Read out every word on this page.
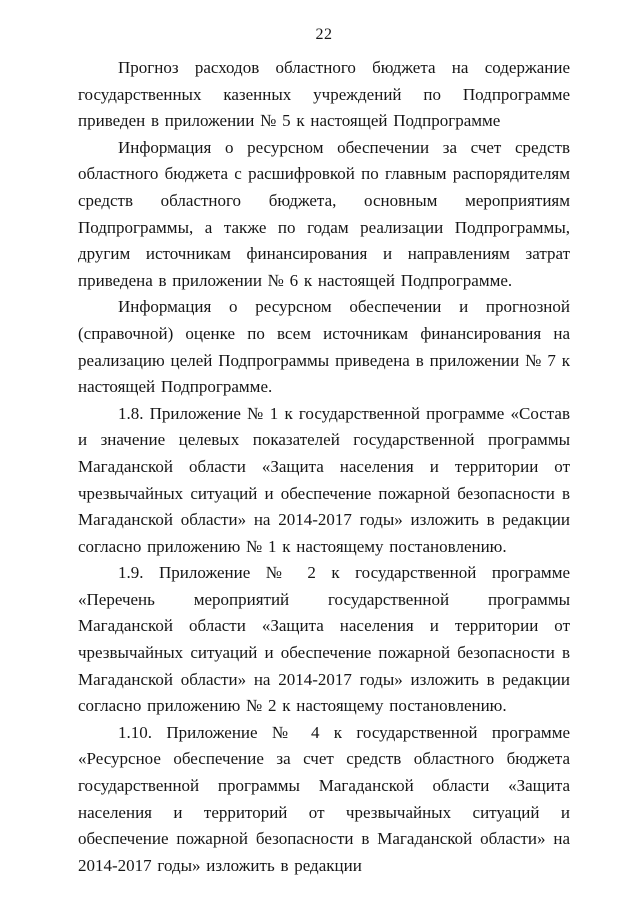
22

Прогноз расходов областного бюджета на содержание государственных казенных учреждений по Подпрограмме приведен в приложении № 5 к настоящей Подпрограмме

Информация о ресурсном обеспечении за счет средств областного бюджета с расшифровкой по главным распорядителям средств областного бюджета, основным мероприятиям Подпрограммы, а также по годам реализации Подпрограммы, другим источникам финансирования и направлениям затрат приведена в приложении № 6 к настоящей Подпрограмме.

Информация о ресурсном обеспечении и прогнозной (справочной) оценке по всем источникам финансирования на реализацию целей Подпрограммы приведена в приложении № 7 к настоящей Подпрограмме.

1.8. Приложение № 1 к государственной программе «Состав и значение целевых показателей государственной программы Магаданской области «Защита населения и территории от чрезвычайных ситуаций и обеспечение пожарной безопасности в Магаданской области» на 2014-2017 годы» изложить в редакции согласно приложению № 1 к настоящему постановлению.

1.9. Приложение № 2 к государственной программе «Перечень мероприятий государственной программы Магаданской области «Защита населения и территории от чрезвычайных ситуаций и обеспечение пожарной безопасности в Магаданской области» на 2014-2017 годы» изложить в редакции согласно приложению № 2 к настоящему постановлению.

1.10. Приложение № 4 к государственной программе «Ресурсное обеспечение за счет средств областного бюджета государственной программы Магаданской области «Защита населения и территорий от чрезвычайных ситуаций и обеспечение пожарной безопасности в Магаданской области» на 2014-2017 годы» изложить в редакции
